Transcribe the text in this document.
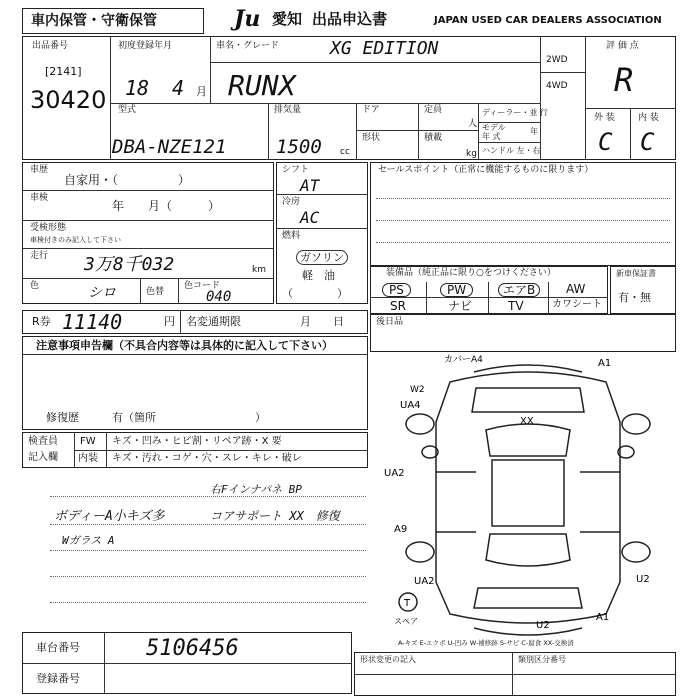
車内保管・守衛保管	Ju 愛知 出品申込書	JAPAN USED CAR DEALERS ASSOCIATION
出品番号
[2141]
30420
初度登録年月
18 4 月
車名・グレード	XG EDITION
RUNX
2WD
4WD
評 価 点
R
外 装	内 装
C C
型式
DBA-NZE121
排気量
1500 cc
ドア	定員
人
形状	積載
kg
ディーラー・並 行
モデル
年 式
年
ハンドル 左・右
車歴
自家用・（　　　　　）
車検
年　　月（　　　）
受検形態
車検付きのみ記入して下さい
走行 3万8千032	km
色	シロ	色替
色コード
040
シフト
AT
冷房
AC
燃料
ガソリン
軽　油
（　　　　）
セールスポイント（正常に機能するものに限ります）
装備品（純正品に限り○をつけください）
PS	PW	エアB	AW
SR	ナビ	TV	カワシート
新車保証書
有・無
R券 11140	円 名変通期限	月　　日	後日品
注意事項申告欄（不具合内容等は具体的に記入して下さい）
修復歴	有（箇所　　　　　　　　　）
検査員
記入欄
FW キズ・凹み・ヒビ割・リペア跡・X 要
内装 キズ・汚れ・コゲ・穴・スレ・キレ・破レ
右Fインナパネ BP
ボディーA小キズ多	コアサポート XX　修復
Wガラス A
車台番号	5106456
登録番号
形状変更の記入	類別区分番号
A-キズ E-エクボ U-凹み W-補修跡 S-サビ C-腐食 XX-交換済
カバーA4	A1
W2
UA4
XX
UA2
A9
UA2	U2
U2
A1
T
スペア
